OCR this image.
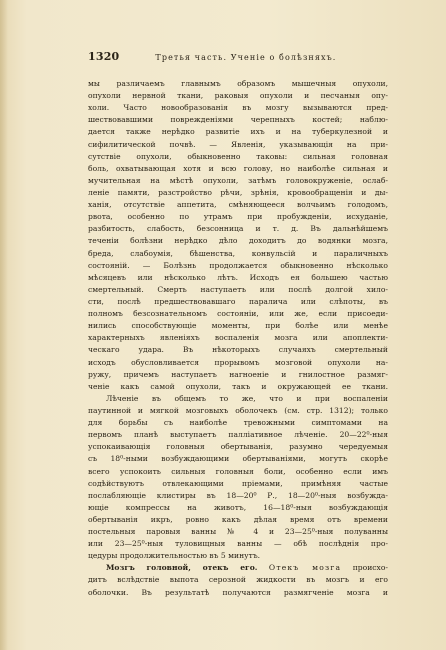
1320	Третья часть. Ученіе о болѣзняхъ.
мы различаемъ главнымъ образомъ мышечныя опухоли,
опухоли нервной ткани, раковыя опухоли и песчаныя опу-
холи. Часто новообразованія въ мозгу вызываются пред-
шествовавшими поврежденіями черепныхъ костей; наблю-
дается также нерѣдко развитіе ихъ и на туберкулезной и
сифилитической почвѣ. — Явленія, указывающія на при-
сутствіе опухоли, обыкновенно таковы: сильная головная
боль, охватывающая хотя и всю голову, но наиболѣе сильная и
мучительная на мѣстѣ опухоли, затѣмъ головокруженіе, ослаб-
леніе памяти, разстройство рѣчи, зрѣнія, кровообращенія и ды-
ханія, отсутствіе аппетита, смѣняющееся волчьимъ голодомъ,
рвота, особенно по утрамъ при пробужденіи, исхуданіе,
разбитость, слабость, безсонница и т. д. Въ дальнѣйшемъ
теченіи болѣзни нерѣдко дѣло доходитъ до водянки мозга,
бреда, слабоумія, бѣшенства, конвульсій и параличныхъ
состояній. — Болѣзнь продолжается обыкновенно нѣсколько
мѣсяцевъ или нѣсколько лѣтъ. Исходъ ея большею частью
смертельный. Смерть наступаетъ или послѣ долгой хило-
сти, послѣ предшествовавшаго паралича или слѣпоты, въ
полномъ безсознательномъ состояніи, или же, если присоеди-
нились способствующіе моменты, при болѣе или менѣе
характерныхъ явленіяхъ воспаленія мозга или апоплекти-
ческаго удара. Въ нѣкоторыхъ случаяхъ смертельный
исходъ обусловливается прорывомъ мозговой опухоли на-
ружу, причемъ наступаетъ нагноеніе и гнилостное размяг-
ченіе какъ самой опухоли, такъ и окружающей ее ткани.
Лѣченіе въ общемъ то же, что и при воспаленіи
паутинной и мягкой мозговыхъ оболочекъ (см. стр. 1312); только
для борьбы съ наиболѣе тревожными симптомами на
первомъ планѣ выступаетъ паллiативное лѣченіе. 20—22⁰-ныя
успокаивающія головныя обертыванія, разумно чередуемыя
съ 18⁰-ными возбуждающими обертываніями, могутъ скорѣе
всего успокоить сильныя головныя боли, особенно если имъ
содѣйствуютъ отвлекающими пріемами, примѣняя частые
послабляющіе клистиры въ 18—20⁰ Р., 18—20⁰-ныя возбужда-
ющіе компрессы на животъ, 16—18⁰-ныя возбуждающія
обертыванія икръ, ровно какъ дѣлая время отъ времени
постельныя паровыя ванны № 4 и 23—25⁰-ныя полуванны
или 23—25⁰-ныя туловищныя ванны — обѣ послѣднія про-
цедуры продолжительностью въ 5 минутъ.
Мозгъ головной, отекъ его. Отекъ мозга происхо-
дитъ вслѣдствіе выпота серозной жидкости въ мозгъ и его
оболочки. Въ результатѣ получаются размягченіе мозга и
